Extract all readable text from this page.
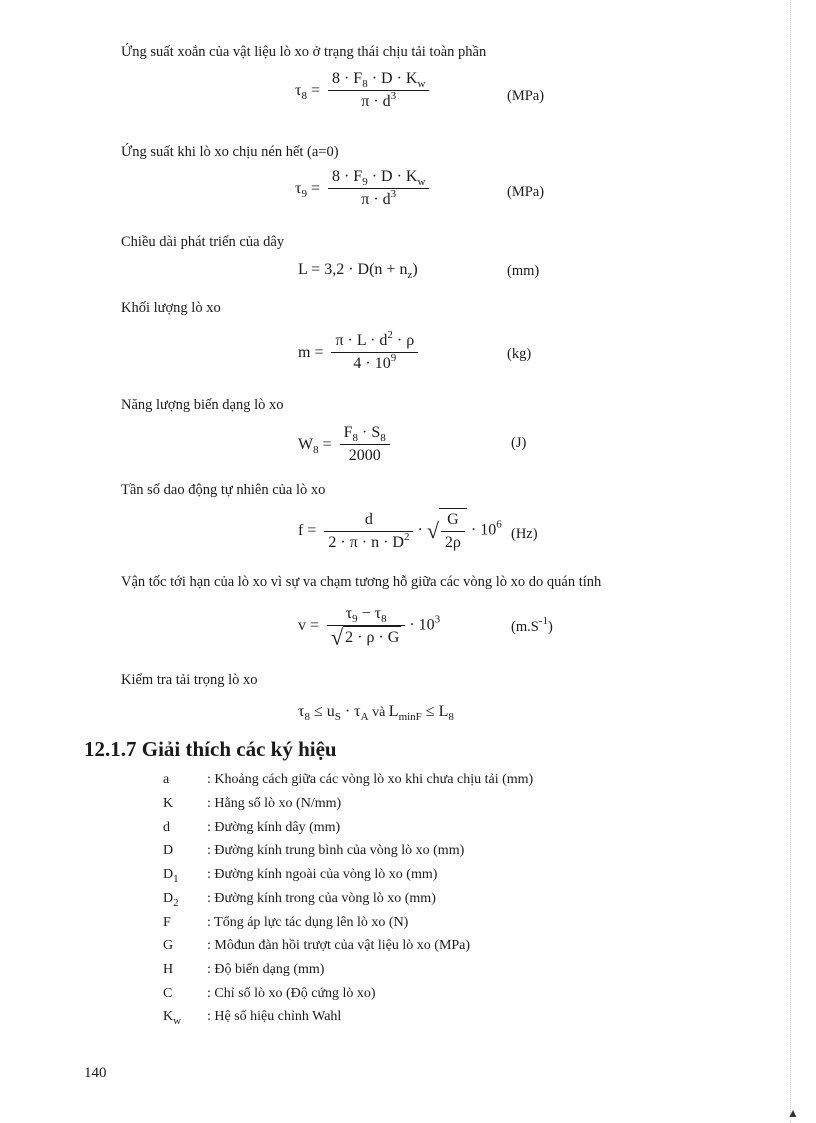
Ứng suất xoắn của vật liệu lò xo ở trạng thái chịu tải toàn phần
$\tau_8 = \frac{8 \cdot F_8 \cdot D \cdot K_w}{\pi \cdot d^3}$	(MPa)
Ứng suất khi lò xo chịu nén hết (a=0)
$\tau_9 = \frac{8 \cdot F_9 \cdot D \cdot K_w}{\pi \cdot d^3}$	(MPa)
Chiều dài phát triển của dây
$L = 3,2 \cdot D(n + n_z)$	(mm)
Khối lượng lò xo
$m = \frac{\pi \cdot L \cdot d^2 \cdot \rho}{4 \cdot 10^9}$	(kg)
Năng lượng biến dạng lò xo
$W_8 = \frac{F_8 \cdot S_8}{2000}$	(J)
Tần số dao động tự nhiên của lò xo
$f = \frac{d}{2 \cdot \pi \cdot n \cdot D^2}$ · √ $\frac{G}{2\rho} \cdot 10^6$
(Hz)
Vận tốc tới hạn của lò xo vì sự va chạm tương hỗ giữa các vòng lò xo do quán tính
$v = \frac{\tau_9 - \tau_8}{√ 2 \cdot \rho \cdot G} \cdot 10^3$	$(m.S^{-1})$
Kiểm tra tải trọng lò xo
$\tau_8 \le u_S \cdot \tau_A$ và $L_{minF} \le L_8$
12.1.7 Giải thích các ký hiệu
a	: Khoảng cách giữa các vòng lò xo khi chưa chịu tải (mm)
K : Hằng số lò xo (N/mm)
d	: Đường kính dây (mm)
D : Đường kính trung bình của vòng lò xo (mm)
$D_1$ : Đường kính ngoài của vòng lò xo (mm)
$D_2$ : Đường kính trong của vòng lò xo (mm)
F	: Tổng áp lực tác dụng lên lò xo (N)
G : Môđun đàn hồi trượt của vật liệu lò xo (MPa)
H : Độ biến dạng (mm)
C : Chỉ số lò xo (Độ cứng lò xo)
$K_w$ : Hệ số hiệu chỉnh Wahl
140
▲
